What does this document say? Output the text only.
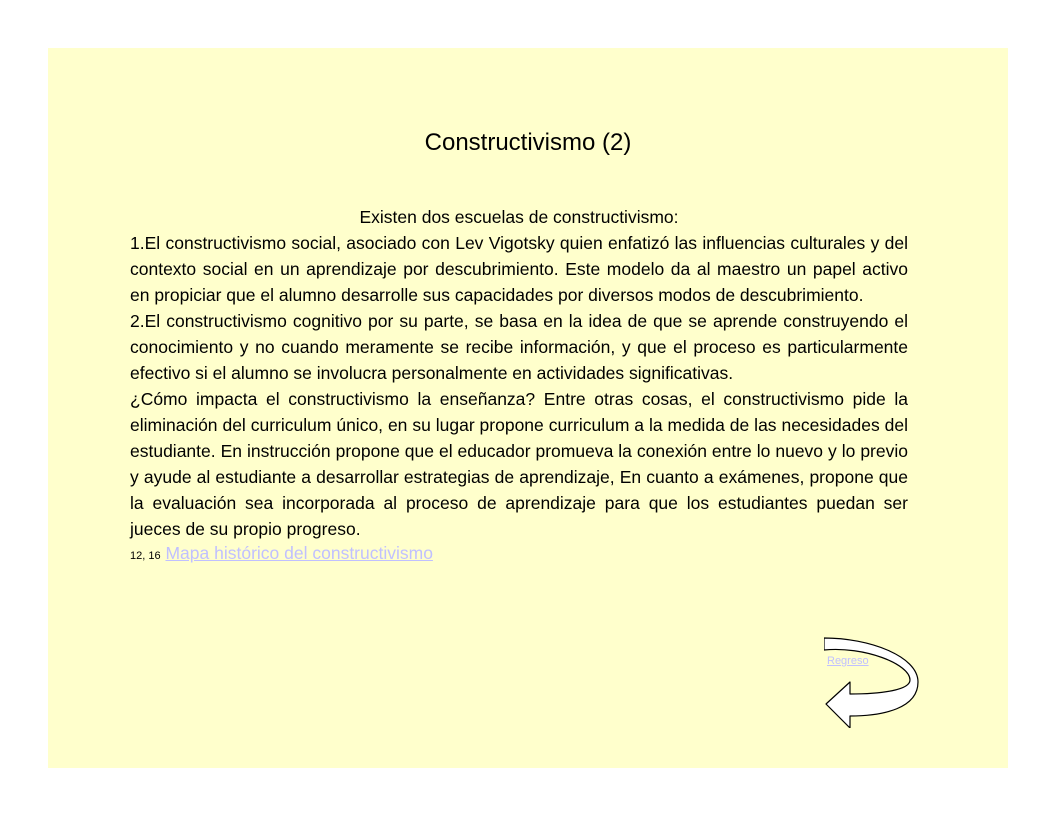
Constructivismo (2)

Existen dos escuelas de constructivismo:

1.El constructivismo social, asociado con Lev Vigotsky quien enfatizó las influencias culturales y del contexto social en un aprendizaje por descubrimiento. Este modelo da al maestro un papel activo en propiciar que el alumno desarrolle sus capacidades por diversos modos de descubrimiento.

2.El constructivismo cognitivo por su parte, se basa en la idea de que se aprende construyendo el conocimiento y no cuando meramente se recibe información, y que el proceso es particularmente efectivo si el alumno se involucra personalmente en actividades significativas.

¿Cómo impacta el constructivismo la enseñanza? Entre otras cosas, el constructivismo pide la eliminación del curriculum único, en su lugar propone curriculum a la medida de las necesidades del estudiante. En instrucción propone que el educador promueva la conexión entre lo nuevo y lo previo y ayude al estudiante a desarrollar estrategias de aprendizaje, En cuanto a exámenes, propone que la evaluación sea incorporada al proceso de aprendizaje para que los estudiantes puedan ser jueces de su propio progreso.

12, 16 Mapa histórico del constructivismo

Regreso
